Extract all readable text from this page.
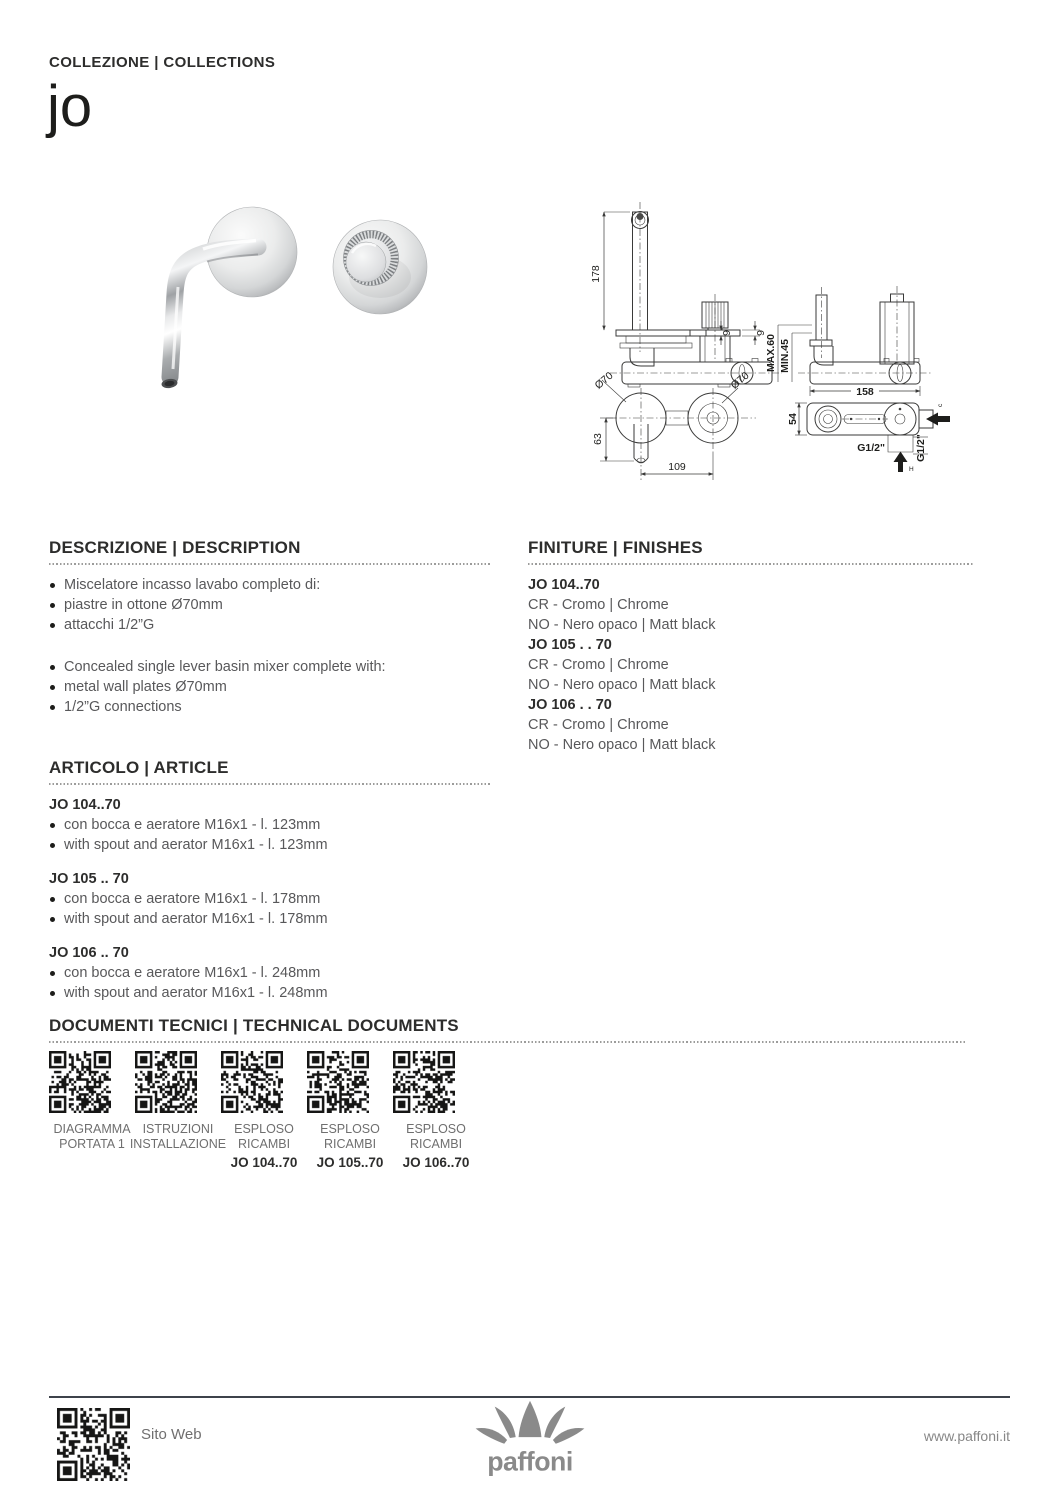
COLLEZIONE | COLLECTIONS
jo
178
9 9
Ø70	Ø70
63
109
MAX.60 MIN.45
158
54
G1/2"
H
G1/2"
c
DESCRIZIONE | DESCRIPTION
Miscelatore incasso lavabo completo di:
piastre in ottone Ø70mm
attacchi 1/2”G
Concealed single lever basin mixer complete with:
metal wall plates Ø70mm
1/2”G connections
FINITURE | FINISHES
JO 104..70
CR - Cromo | Chrome
NO - Nero opaco | Matt black
JO 105 . . 70
CR - Cromo | Chrome
NO - Nero opaco | Matt black
JO 106 . . 70
CR - Cromo | Chrome
NO - Nero opaco | Matt black
ARTICOLO | ARTICLE
JO 104..70
con bocca e aeratore M16x1 - l. 123mm
with spout and aerator M16x1 - l. 123mm
JO 105 .. 70
con bocca e aeratore M16x1 - l. 178mm
with spout and aerator M16x1 - l. 178mm
JO 106 .. 70
con bocca e aeratore M16x1 - l. 248mm
with spout and aerator M16x1 - l. 248mm
DOCUMENTI TECNICI | TECHNICAL DOCUMENTS
DIAGRAMMA
PORTATA 1
ISTRUZIONI
INSTALLAZIONE
ESPLOSO
RICAMBI
JO 104..70
ESPLOSO
RICAMBI
JO 105..70
ESPLOSO
RICAMBI
JO 106..70
Sito Web
paffoni
www.paffoni.it
